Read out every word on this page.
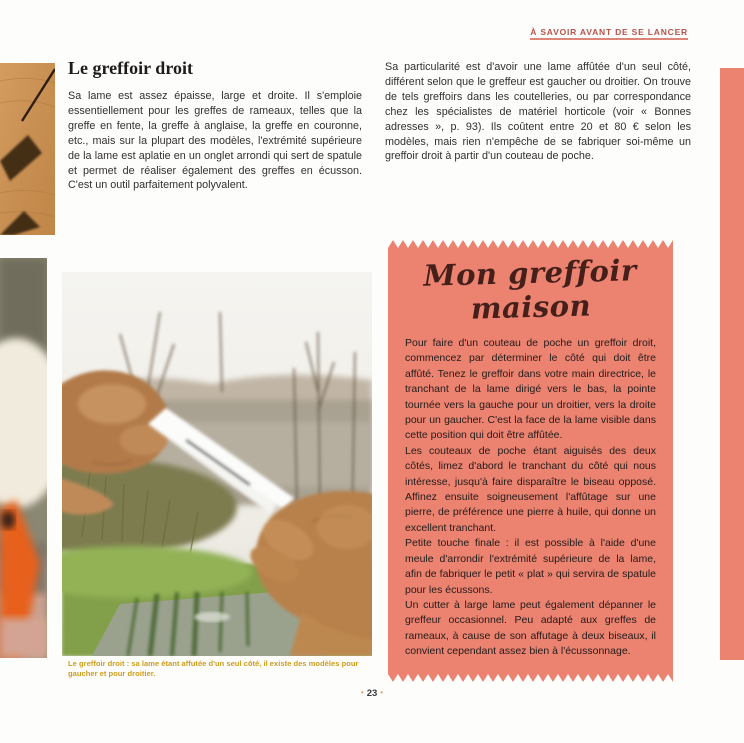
À SAVOIR AVANT DE SE LANCER
Le greffoir droit

Sa lame est assez épaisse, large et droite. Il s'emploie essentiellement pour les greffes de rameaux, telles que la greffe en fente, la greffe à anglaise, la greffe en couronne, etc., mais sur la plupart des modèles, l'extrémité supérieure de la lame est aplatie en un onglet arrondi qui sert de spatule et permet de réaliser également des greffes en écusson. C'est un outil parfaitement polyvalent.

Sa particularité est d'avoir une lame affûtée d'un seul côté, différent selon que le greffeur est gaucher ou droitier. On trouve de tels greffoirs dans les coutelleries, ou par correspondance chez les spécialistes de matériel horticole (voir « Bonnes adresses », p. 93). Ils coûtent entre 20 et 80 € selon les modèles, mais rien n'empêche de se fabriquer soi-même un greffoir droit à partir d'un couteau de poche.

Le greffoir droit : sa lame étant affutée d'un seul côté, il existe des modèles pour gaucher et pour droitier.
Mon greffoir maison

Pour faire d'un couteau de poche un greffoir droit, commencez par déterminer le côté qui doit être affûté. Tenez le greffoir dans votre main directrice, le tranchant de la lame dirigé vers le bas, la pointe tournée vers la gauche pour un droitier, vers la droite pour un gaucher. C'est la face de la lame visible dans cette position qui doit être affûtée.

Les couteaux de poche étant aiguisés des deux côtés, limez d'abord le tranchant du côté qui nous intéresse, jusqu'à faire disparaître le biseau opposé. Affinez ensuite soigneusement l'affûtage sur une pierre, de préférence une pierre à huile, qui donne un excellent tranchant.

Petite touche finale : il est possible à l'aide d'une meule d'arrondir l'extrémité supérieure de la lame, afin de fabriquer le petit « plat » qui servira de spatule pour les écussons.

Un cutter à large lame peut également dépanner le greffeur occasionnel. Peu adapté aux greffes de rameaux, à cause de son affutage à deux biseaux, il convient cependant assez bien à l'écussonnage.

• 23 •
